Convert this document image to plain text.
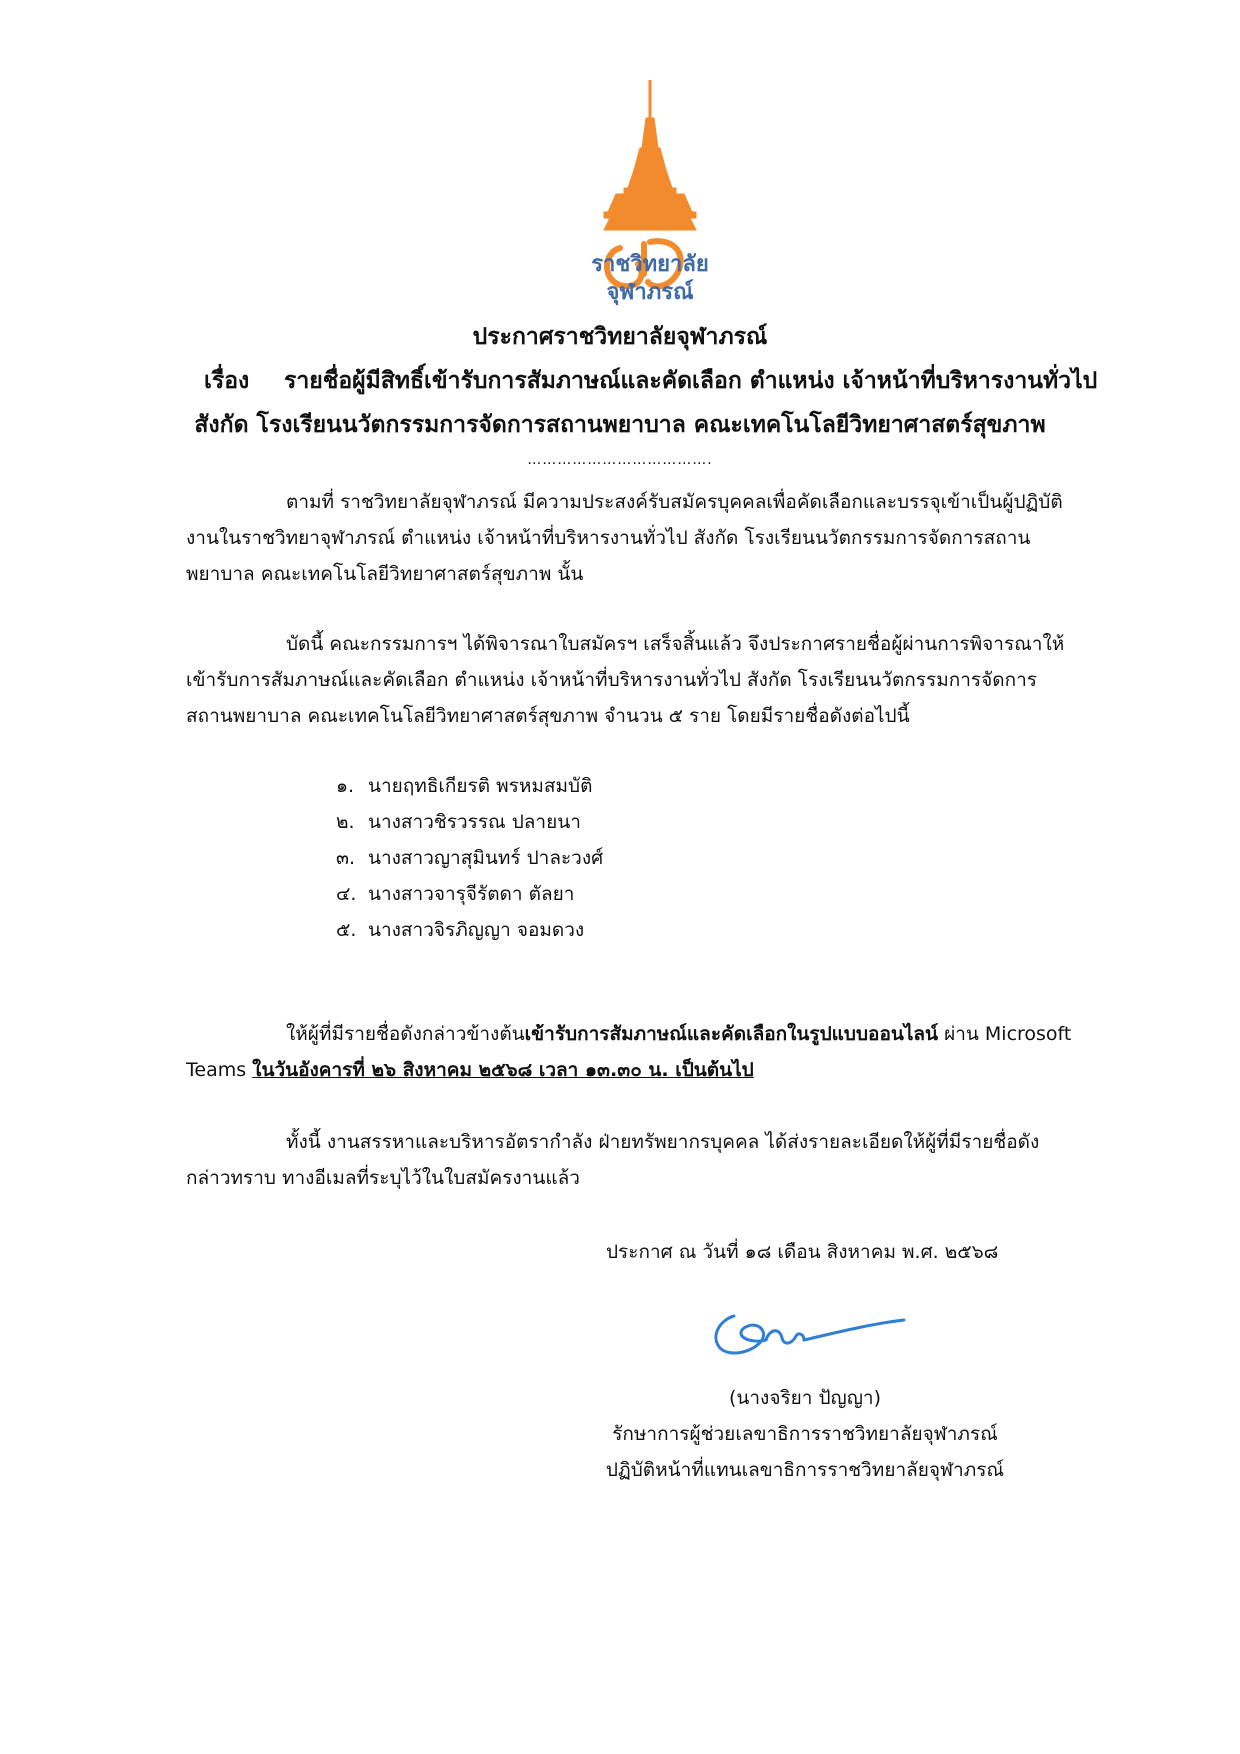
ราชวิทยาลัย
จุฬาภรณ์
ประกาศราชวิทยาลัยจุฬาภรณ์
เรื่อง รายชื่อผู้มีสิทธิ์เข้ารับการสัมภาษณ์และคัดเลือก ตำแหน่ง เจ้าหน้าที่บริหารงานทั่วไป
สังกัด โรงเรียนนวัตกรรมการจัดการสถานพยาบาล คณะเทคโนโลยีวิทยาศาสตร์สุขภาพ
……………………………….
ตามที่ ราชวิทยาลัยจุฬาภรณ์ มีความประสงค์รับสมัครบุคคลเพื่อคัดเลือกและบรรจุเข้าเป็นผู้ปฏิบัติ
งานในราชวิทยาจุฬาภรณ์ ตำแหน่ง เจ้าหน้าที่บริหารงานทั่วไป สังกัด โรงเรียนนวัตกรรมการจัดการสถาน
พยาบาล คณะเทคโนโลยีวิทยาศาสตร์สุขภาพ นั้น
บัดนี้ คณะกรรมการฯ ได้พิจารณาใบสมัครฯ เสร็จสิ้นแล้ว จึงประกาศรายชื่อผู้ผ่านการพิจารณาให้
เข้ารับการสัมภาษณ์และคัดเลือก ตำแหน่ง เจ้าหน้าที่บริหารงานทั่วไป สังกัด โรงเรียนนวัตกรรมการจัดการ
สถานพยาบาล คณะเทคโนโลยีวิทยาศาสตร์สุขภาพ จำนวน ๕ ราย โดยมีรายชื่อดังต่อไปนี้
๑. นายฤทธิเกียรติ พรหมสมบัติ
๒. นางสาวชิรวรรณ ปลายนา
๓. นางสาวญาสุมินทร์ ปาละวงศ์
๔. นางสาวจารุจีรัตดา ตัลยา
๕. นางสาวจิรภิญญา จอมดวง
ให้ผู้ที่มีรายชื่อดังกล่าวข้างต้นเข้ารับการสัมภาษณ์และคัดเลือกในรูปแบบออนไลน์ ผ่าน Microsoft
Teams ในวันอังคารที่ ๒๖ สิงหาคม ๒๕๖๘ เวลา ๑๓.๓๐ น. เป็นต้นไป
ทั้งนี้ งานสรรหาและบริหารอัตรากำลัง ฝ่ายทรัพยากรบุคคล ได้ส่งรายละเอียดให้ผู้ที่มีรายชื่อดัง
กล่าวทราบ ทางอีเมลที่ระบุไว้ในใบสมัครงานแล้ว
ประกาศ ณ วันที่ ๑๘ เดือน สิงหาคม พ.ศ. ๒๕๖๘
(นางจริยา ปัญญา)
รักษาการผู้ช่วยเลขาธิการราชวิทยาลัยจุฬาภรณ์
ปฏิบัติหน้าที่แทนเลขาธิการราชวิทยาลัยจุฬาภรณ์
